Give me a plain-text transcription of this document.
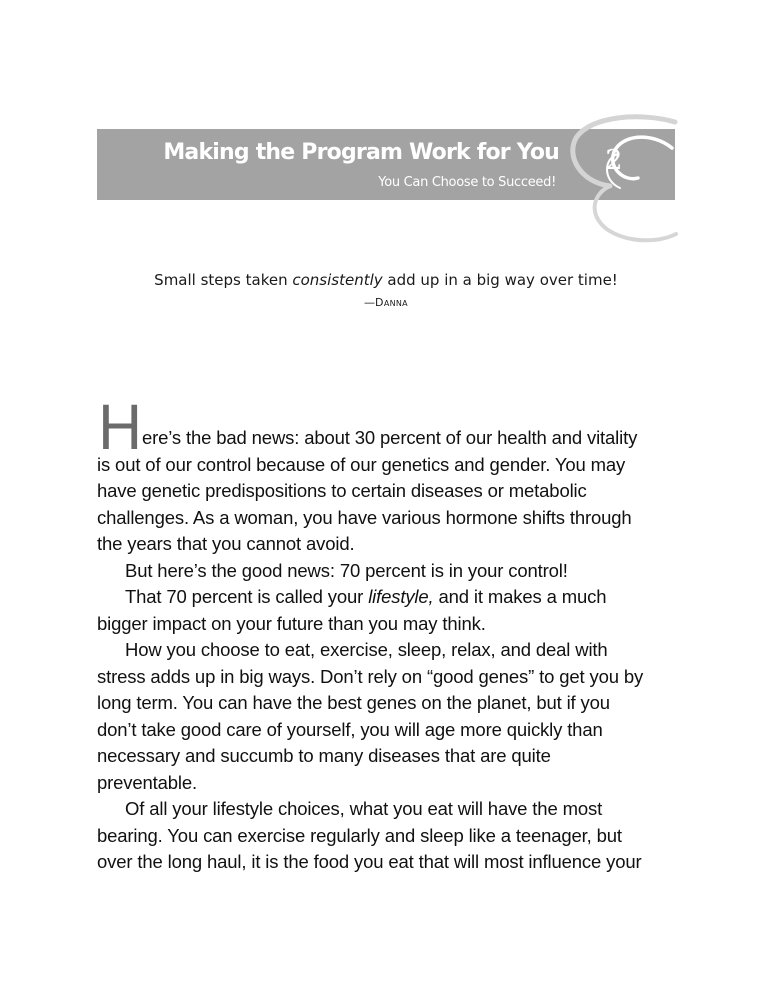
Making the Program Work for You
You Can Choose to Succeed!
2
Small steps taken consistently add up in a big way over time!
—Danna
H ere’s the bad news: about 30 percent of our health and vitality

is out of our control because of our genetics and gender. You may

have genetic predispositions to certain diseases or metabolic

challenges. As a woman, you have various hormone shifts through

the years that you cannot avoid.

But here’s the good news: 70 percent is in your control!

That 70 percent is called your lifestyle, and it makes a much

bigger impact on your future than you may think.

How you choose to eat, exercise, sleep, relax, and deal with

stress adds up in big ways. Don’t rely on “good genes” to get you by

long term. You can have the best genes on the planet, but if you

don’t take good care of yourself, you will age more quickly than

necessary and succumb to many diseases that are quite

preventable.

Of all your lifestyle choices, what you eat will have the most

bearing. You can exercise regularly and sleep like a teenager, but

over the long haul, it is the food you eat that will most influence your
